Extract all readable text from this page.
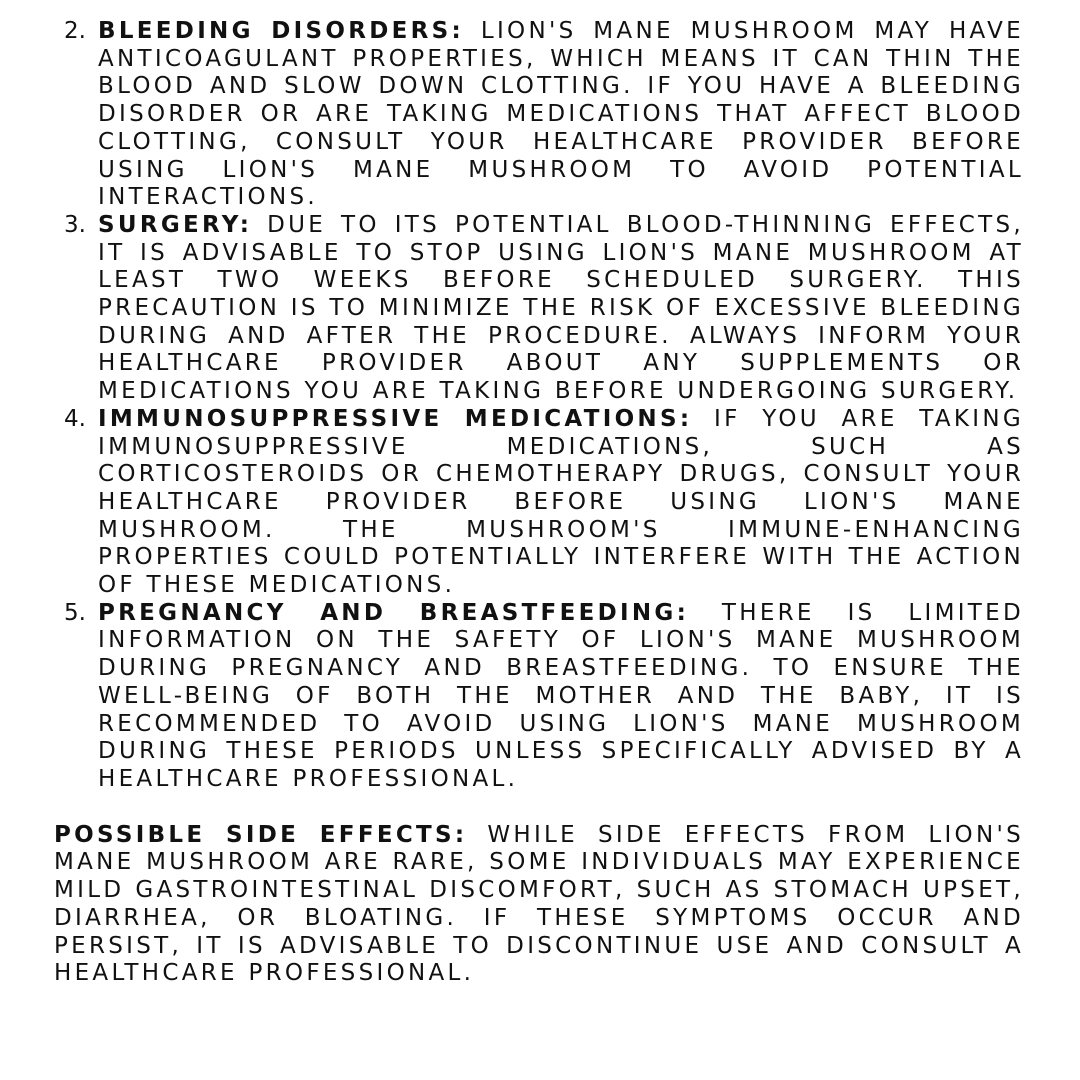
2. BLEEDING DISORDERS: LION'S MANE MUSHROOM MAY HAVE ANTICOAGULANT PROPERTIES, WHICH MEANS IT CAN THIN THE BLOOD AND SLOW DOWN CLOTTING. IF YOU HAVE A BLEEDING DISORDER OR ARE TAKING MEDICATIONS THAT AFFECT BLOOD CLOTTING, CONSULT YOUR HEALTHCARE PROVIDER BEFORE USING LION'S MANE MUSHROOM TO AVOID POTENTIAL INTERACTIONS.
3. SURGERY: DUE TO ITS POTENTIAL BLOOD-THINNING EFFECTS, IT IS ADVISABLE TO STOP USING LION'S MANE MUSHROOM AT LEAST TWO WEEKS BEFORE SCHEDULED SURGERY. THIS PRECAUTION IS TO MINIMIZE THE RISK OF EXCESSIVE BLEEDING DURING AND AFTER THE PROCEDURE. ALWAYS INFORM YOUR HEALTHCARE PROVIDER ABOUT ANY SUPPLEMENTS OR MEDICATIONS YOU ARE TAKING BEFORE UNDERGOING SURGERY.
4. IMMUNOSUPPRESSIVE MEDICATIONS: IF YOU ARE TAKING IMMUNOSUPPRESSIVE MEDICATIONS, SUCH AS CORTICOSTEROIDS OR CHEMOTHERAPY DRUGS, CONSULT YOUR HEALTHCARE PROVIDER BEFORE USING LION'S MANE MUSHROOM. THE MUSHROOM'S IMMUNE-ENHANCING PROPERTIES COULD POTENTIALLY INTERFERE WITH THE ACTION OF THESE MEDICATIONS.
5. PREGNANCY AND BREASTFEEDING: THERE IS LIMITED INFORMATION ON THE SAFETY OF LION'S MANE MUSHROOM DURING PREGNANCY AND BREASTFEEDING. TO ENSURE THE WELL-BEING OF BOTH THE MOTHER AND THE BABY, IT IS RECOMMENDED TO AVOID USING LION'S MANE MUSHROOM DURING THESE PERIODS UNLESS SPECIFICALLY ADVISED BY A HEALTHCARE PROFESSIONAL.

POSSIBLE SIDE EFFECTS: WHILE SIDE EFFECTS FROM LION'S MANE MUSHROOM ARE RARE, SOME INDIVIDUALS MAY EXPERIENCE MILD GASTROINTESTINAL DISCOMFORT, SUCH AS STOMACH UPSET, DIARRHEA, OR BLOATING. IF THESE SYMPTOMS OCCUR AND PERSIST, IT IS ADVISABLE TO DISCONTINUE USE AND CONSULT A HEALTHCARE PROFESSIONAL.
